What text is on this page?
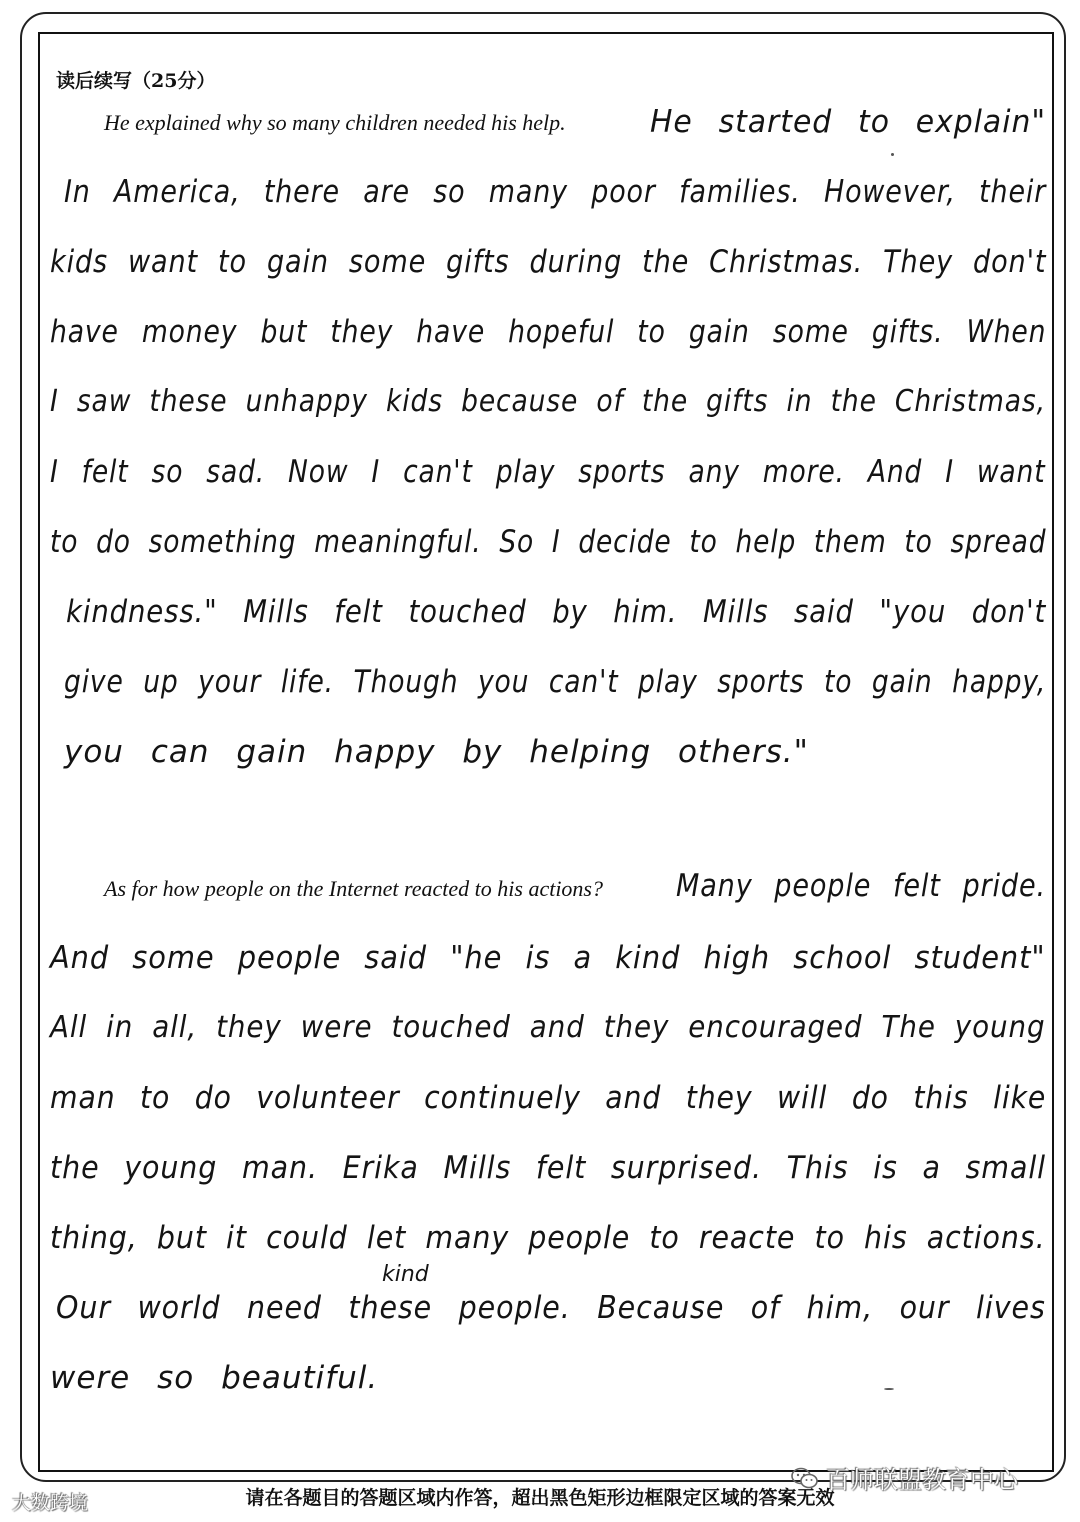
读后续写（25分）
He explained why so many children needed his help.	He started to explain"
In America, there are so many poor families. However, their
kids want to gain some gifts during the Christmas. They don't
have money but they have hopeful to gain some gifts. When
I saw these unhappy kids because of the gifts in the Christmas,
I felt so sad. Now I can't play sports any more. And I want
to do something meaningful. So I decide to help them to spread
kindness." Mills felt touched by him. Mills said "you don't
give up your life. Though you can't play sports to gain happy,
you can gain happy by helping others."
As for how people on the Internet reacted to his actions? Many people felt pride.
And some people said "he is a kind high school student"
All in all, they were touched and they encouraged The young
man to do volunteer continuely and they will do this like
the young man. Erika Mills felt surprised. This is a small
thing, but it could let many people to reacte to his actions.
kind
Our world need these people. Because of him, our lives
were so beautiful.
百师联盟教育中心
请在各题目的答题区域内作答，超出黑色矩形边框限定区域的答案无效
大数跨境
